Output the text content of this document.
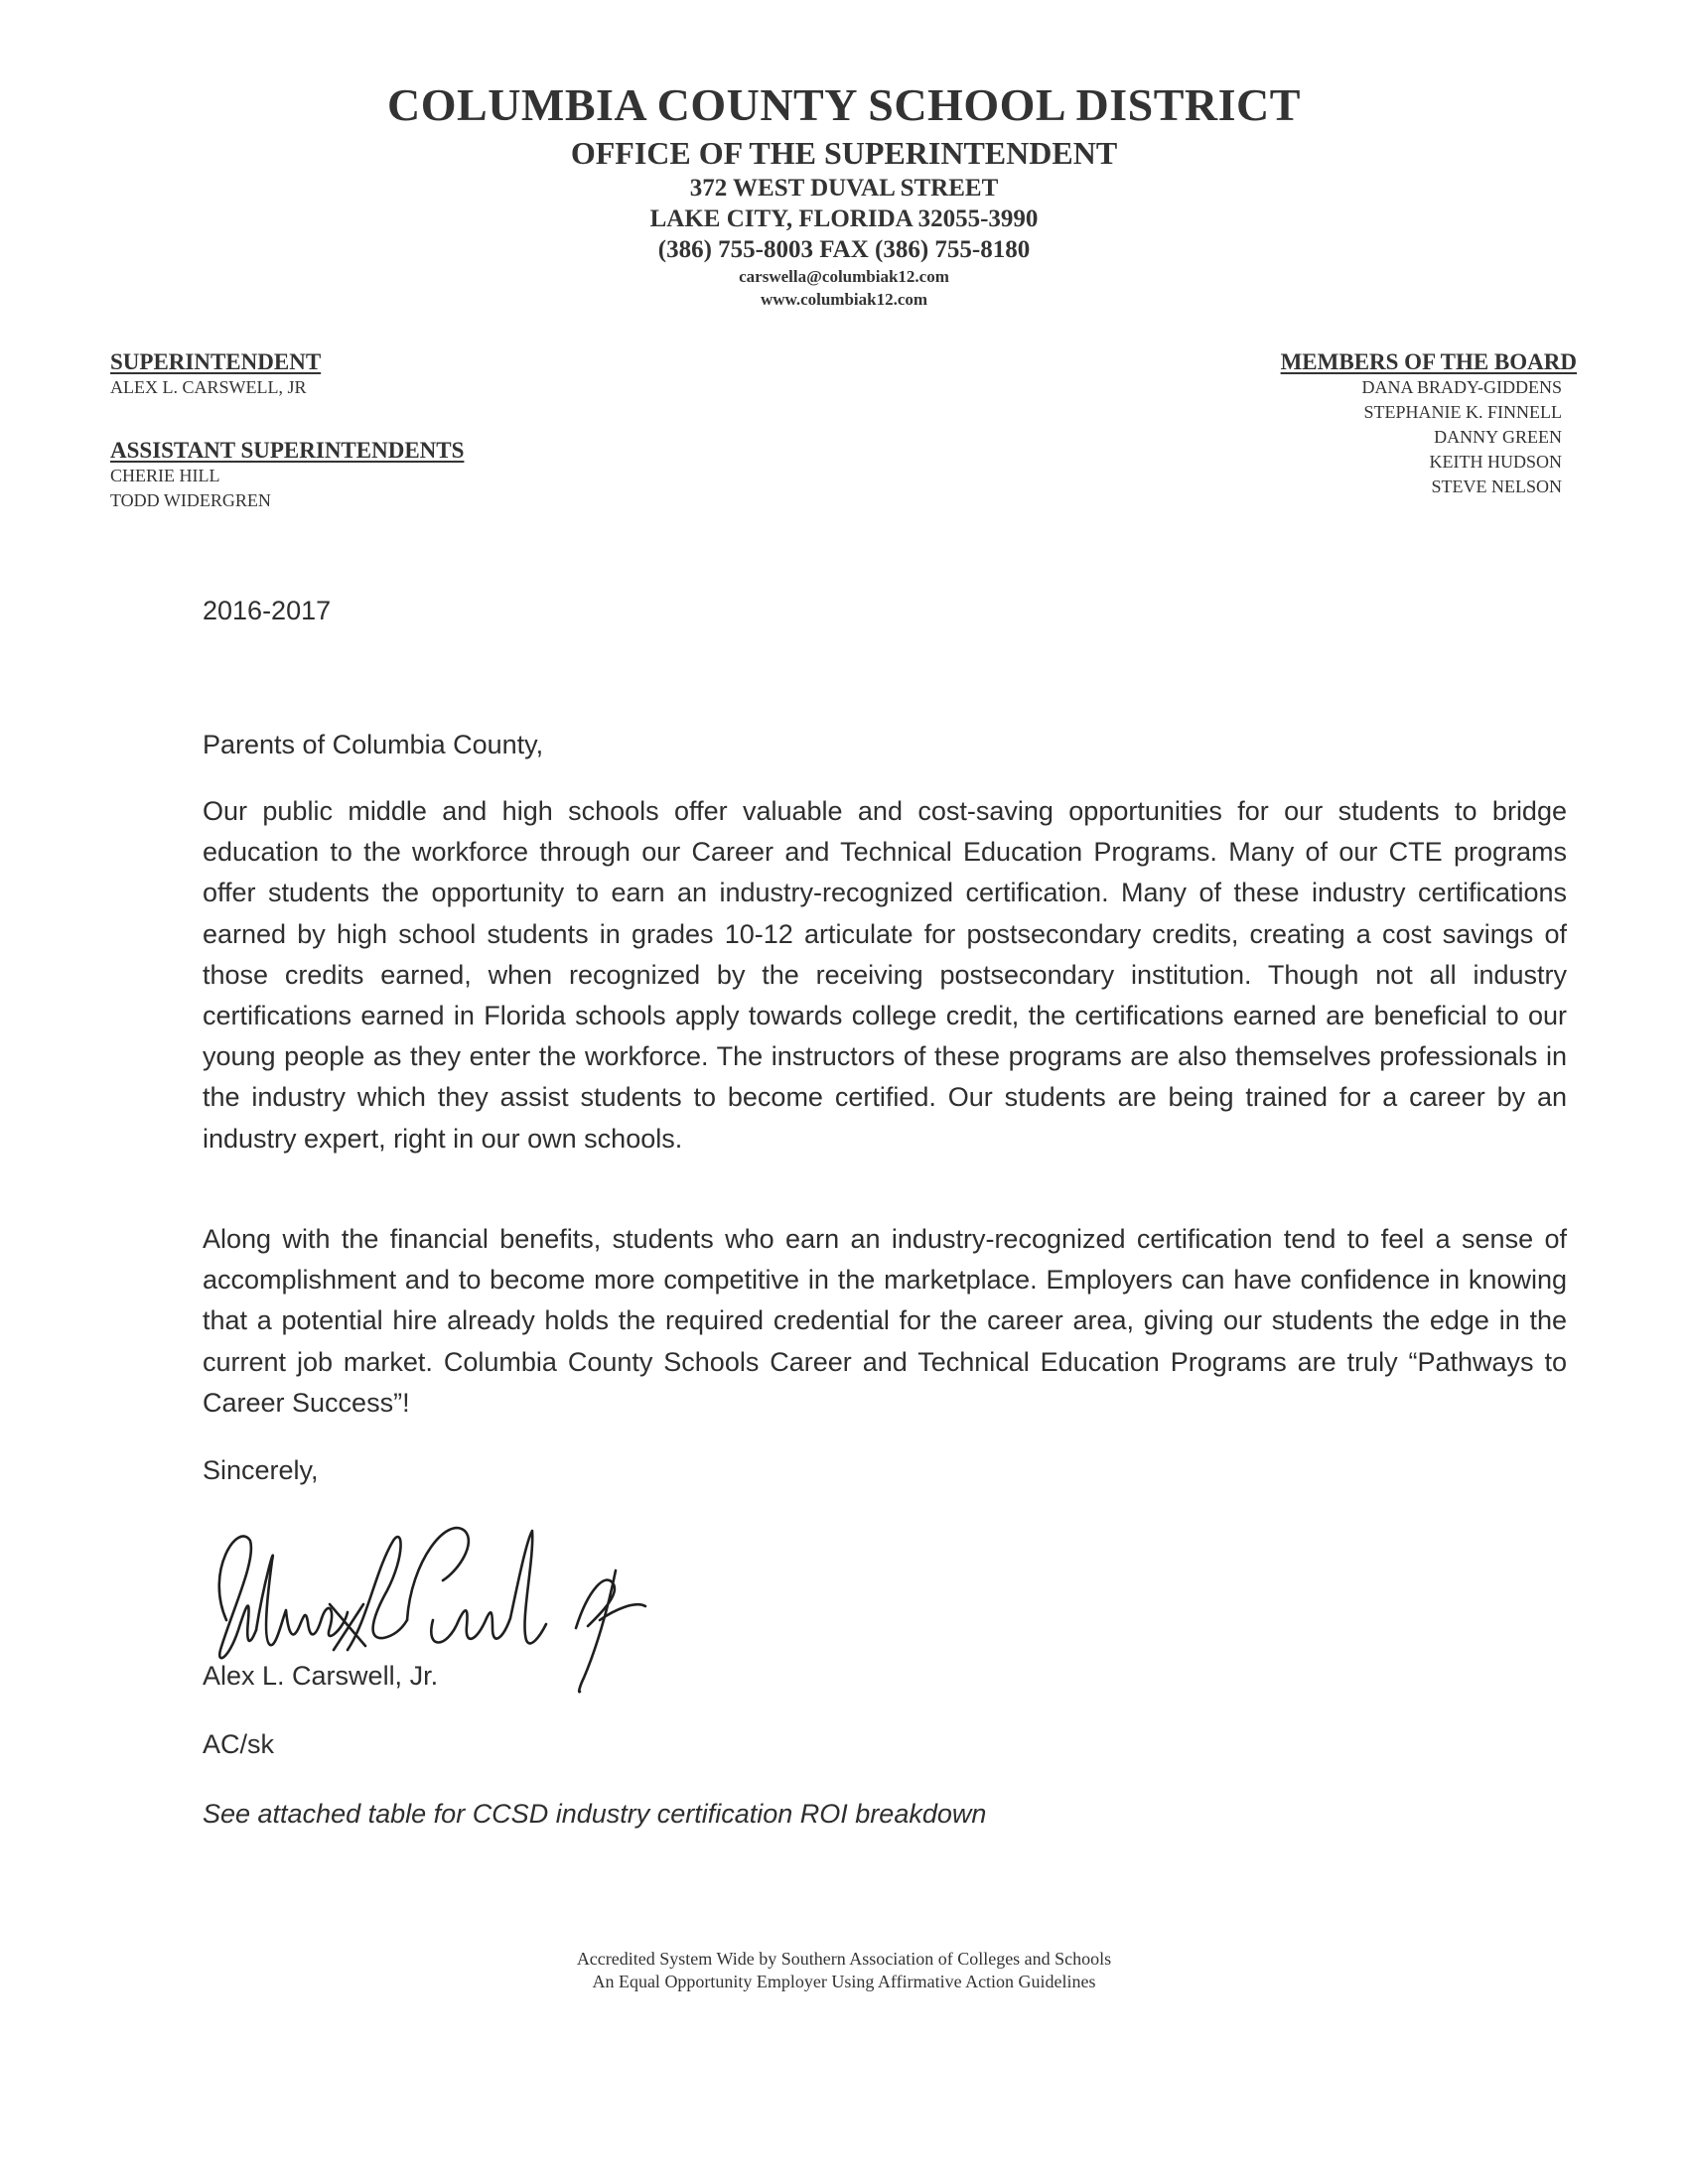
COLUMBIA COUNTY SCHOOL DISTRICT
OFFICE OF THE SUPERINTENDENT
372 WEST DUVAL STREET
LAKE CITY, FLORIDA 32055-3990
(386) 755-8003 FAX (386) 755-8180
carswella@columbiak12.com
www.columbiak12.com
SUPERINTENDENT
ALEX L. CARSWELL, JR
ASSISTANT SUPERINTENDENTS
CHERIE HILL
TODD WIDERGREN
MEMBERS OF THE BOARD
DANA BRADY-GIDDENS
STEPHANIE K. FINNELL
DANNY GREEN
KEITH HUDSON
STEVE NELSON
2016-2017
Parents of Columbia County,

Our public middle and high schools offer valuable and cost-saving opportunities for our students to bridge education to the workforce through our Career and Technical Education Programs. Many of our CTE programs offer students the opportunity to earn an industry-recognized certification. Many of these industry certifications earned by high school students in grades 10-12 articulate for postsecondary credits, creating a cost savings of those credits earned, when recognized by the receiving postsecondary institution. Though not all industry certifications earned in Florida schools apply towards college credit, the certifications earned are beneficial to our young people as they enter the workforce. The instructors of these programs are also themselves professionals in the industry which they assist students to become certified. Our students are being trained for a career by an industry expert, right in our own schools.

Along with the financial benefits, students who earn an industry-recognized certification tend to feel a sense of accomplishment and to become more competitive in the marketplace. Employers can have confidence in knowing that a potential hire already holds the required credential for the career area, giving our students the edge in the current job market. Columbia County Schools Career and Technical Education Programs are truly “Pathways to Career Success”!

Sincerely,
Alex L. Carswell, Jr.
AC/sk
See attached table for CCSD industry certification ROI breakdown
Accredited System Wide by Southern Association of Colleges and Schools
An Equal Opportunity Employer Using Affirmative Action Guidelines
